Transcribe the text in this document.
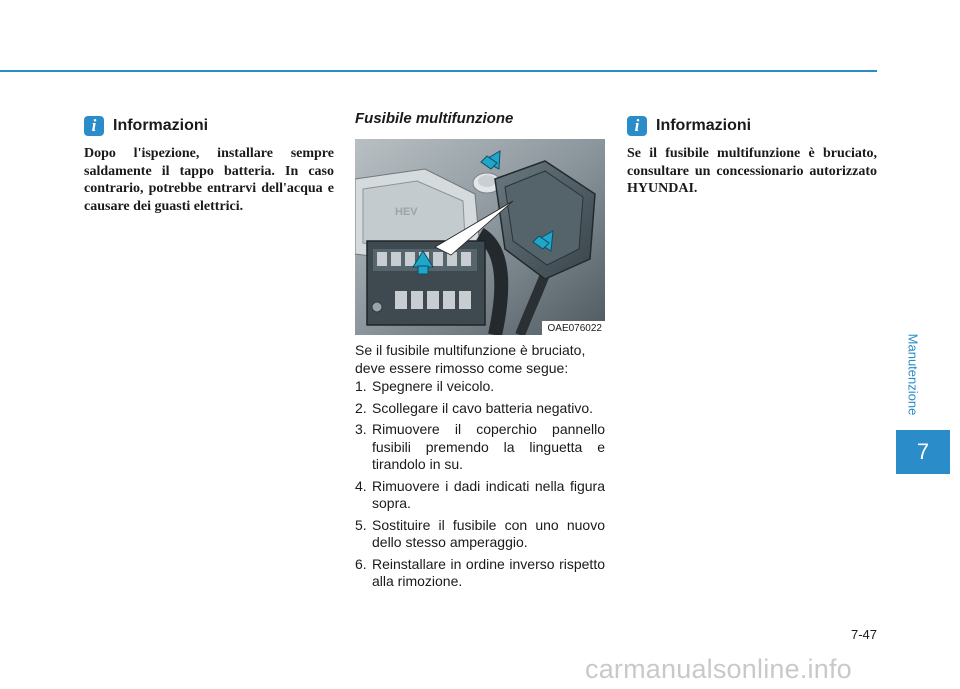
i	Informazioni
Dopo l'ispezione, installare sempre saldamente il tappo batteria. In caso contrario, potrebbe entrarvi dell'acqua e causare dei guasti elettrici.
Fusibile multifunzione
HEV
OAE076022
Se il fusibile multifunzione è bruciato, deve essere rimosso come segue:
1. Spegnere il veicolo.
2. Scollegare il cavo batteria negativo.
3. Rimuovere il coperchio pannello fusibili premendo la linguetta e tirandolo in su.
4. Rimuovere i dadi indicati nella figura sopra.
5. Sostituire il fusibile con uno nuovo dello stesso amperaggio.
6. Reinstallare in ordine inverso rispetto alla rimozione.
i	Informazioni
Se il fusibile multifunzione è bruciato, consultare un concessionario autorizzato HYUNDAI.
Manutenzione
7
7-47
carmanualsonline.info
